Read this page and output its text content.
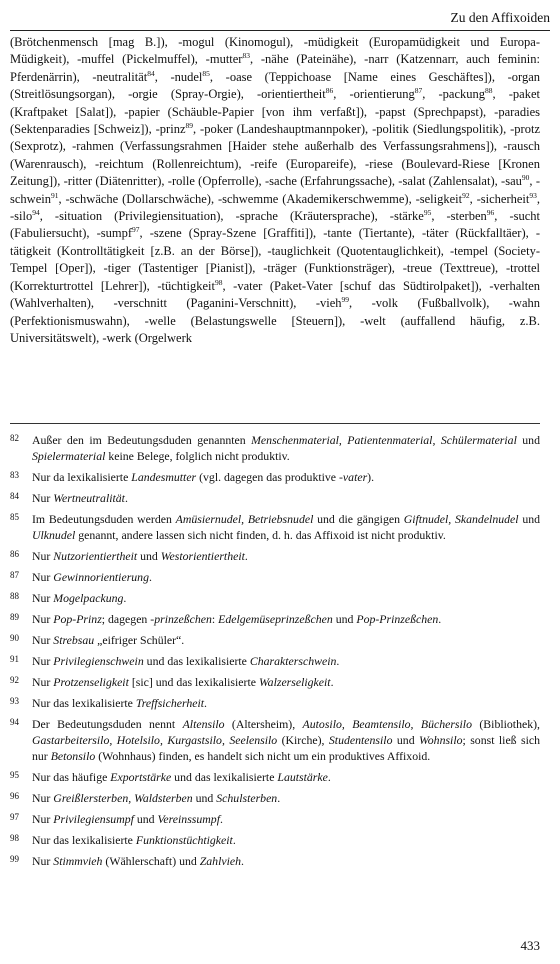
Zu den Affixoiden
(Brötchenmensch [mag B.]), -mogul (Kinomogul), -müdigkeit (Europamüdigkeit und Europa-Müdigkeit), -muffel (Pickelmuffel), -mutter$^{83}$, -nähe (Pateinähe), -narr (Katzennarr, auch feminin: Pferdenärrin), -neutralität$^{84}$, -nudel$^{85}$, -oase (Teppichoase [Name eines Geschäftes]), -organ (Streitlösungsorgan), -orgie (Spray-Orgie), -orientiertheit$^{86}$, -orientierung$^{87}$, -packung$^{88}$, -paket (Kraftpaket [Salat]), -papier (Schäuble-Papier [von ihm verfaßt]), -papst (Sprechpapst), -paradies (Sektenparadies [Schweiz]), -prinz$^{89}$, -poker (Landeshauptmannpoker), -politik (Siedlungspolitik), -protz (Sexprotz), -rahmen (Verfassungsrahmen [Haider stehe außerhalb des Verfassungsrahmens]), -rausch (Warenrausch), -reichtum (Rollenreichtum), -reife (Europareife), -riese (Boulevard-Riese [Kronen Zeitung]), -ritter (Diätenritter), -rolle (Opferrolle), -sache (Erfahrungssache), -salat (Zahlensalat), -sau$^{90}$, -schwein$^{91}$, -schwäche (Dollarschwäche), -schwemme (Akademikerschwemme), -seligkeit$^{92}$, -sicherheit$^{93}$, -silo$^{94}$, -situation (Privilegiensituation), -sprache (Kräutersprache), -stärke$^{95}$, -sterben$^{96}$, -sucht (Fabuliersucht), -sumpf$^{97}$, -szene (Spray-Szene [Graffiti]), -tante (Tiertante), -täter (Rückfalltäer), -tätigkeit (Kontrolltätigkeit [z.B. an der Börse]), -tauglichkeit (Quotentauglichkeit), -tempel (Society-Tempel [Oper]), -tiger (Tastentiger [Pianist]), -träger (Funktionsträger), -treue (Texttreue), -trottel (Korrekturtrottel [Lehrer]), -tüchtigkeit$^{98}$, -vater (Paket-Vater [schuf das Südtirolpaket]), -verhalten (Wahlverhalten), -verschnitt (Paganini-Verschnitt), -vieh$^{99}$, -volk (Fußballvolk), -wahn (Perfektionismuswahn), -welle (Belastungswelle [Steuern]), -welt (auffallend häufig, z.B. Universitätswelt), -werk (Orgelwerk
82 Außer den im Bedeutungsduden genannten Menschenmaterial, Patientenmaterial, Schülermaterial und Spielermaterial keine Belege, folglich nicht produktiv.
83 Nur da lexikalisierte Landesmutter (vgl. dagegen das produktive -vater).
84 Nur Wertneutralität.
85 Im Bedeutungsduden werden Amüsiernudel, Betriebsnudel und die gängigen Giftnudel, Skandelnudel und Ulknudel genannt, andere lassen sich nicht finden, d. h. das Affixoid ist nicht produktiv.
86 Nur Nutzorientiertheit und Westorientiertheit.
87 Nur Gewinnorientierung.
88 Nur Mogelpackung.
89 Nur Pop-Prinz; dagegen -prinzeßchen: Edelgemüseprinzeßchen und Pop-Prinzeßchen.
90 Nur Strebsau „eifriger Schüler“.
91 Nur Privilegienschwein und das lexikalisierte Charakterschwein.
92 Nur Protzenseligkeit [sic] und das lexikalisierte Walzerseligkeit.
93 Nur das lexikalisierte Treffsicherheit.
94 Der Bedeutungsduden nennt Altensilo (Altersheim), Autosilo, Beamtensilo, Büchersilo (Bibliothek), Gastarbeitersilo, Hotelsilo, Kurgastsilo, Seelensilo (Kirche), Studentensilo und Wohnsilo; sonst ließ sich nur Betonsilo (Wohnhaus) finden, es handelt sich nicht um ein produktives Affixoid.
95 Nur das häufige Exportstärke und das lexikalisierte Lautstärke.
96 Nur Greißlersterben, Waldsterben und Schulsterben.
97 Nur Privilegiensumpf und Vereinssumpf.
98 Nur das lexikalisierte Funktionstüchtigkeit.
99 Nur Stimmvieh (Wählerschaft) und Zahlvieh.
433
